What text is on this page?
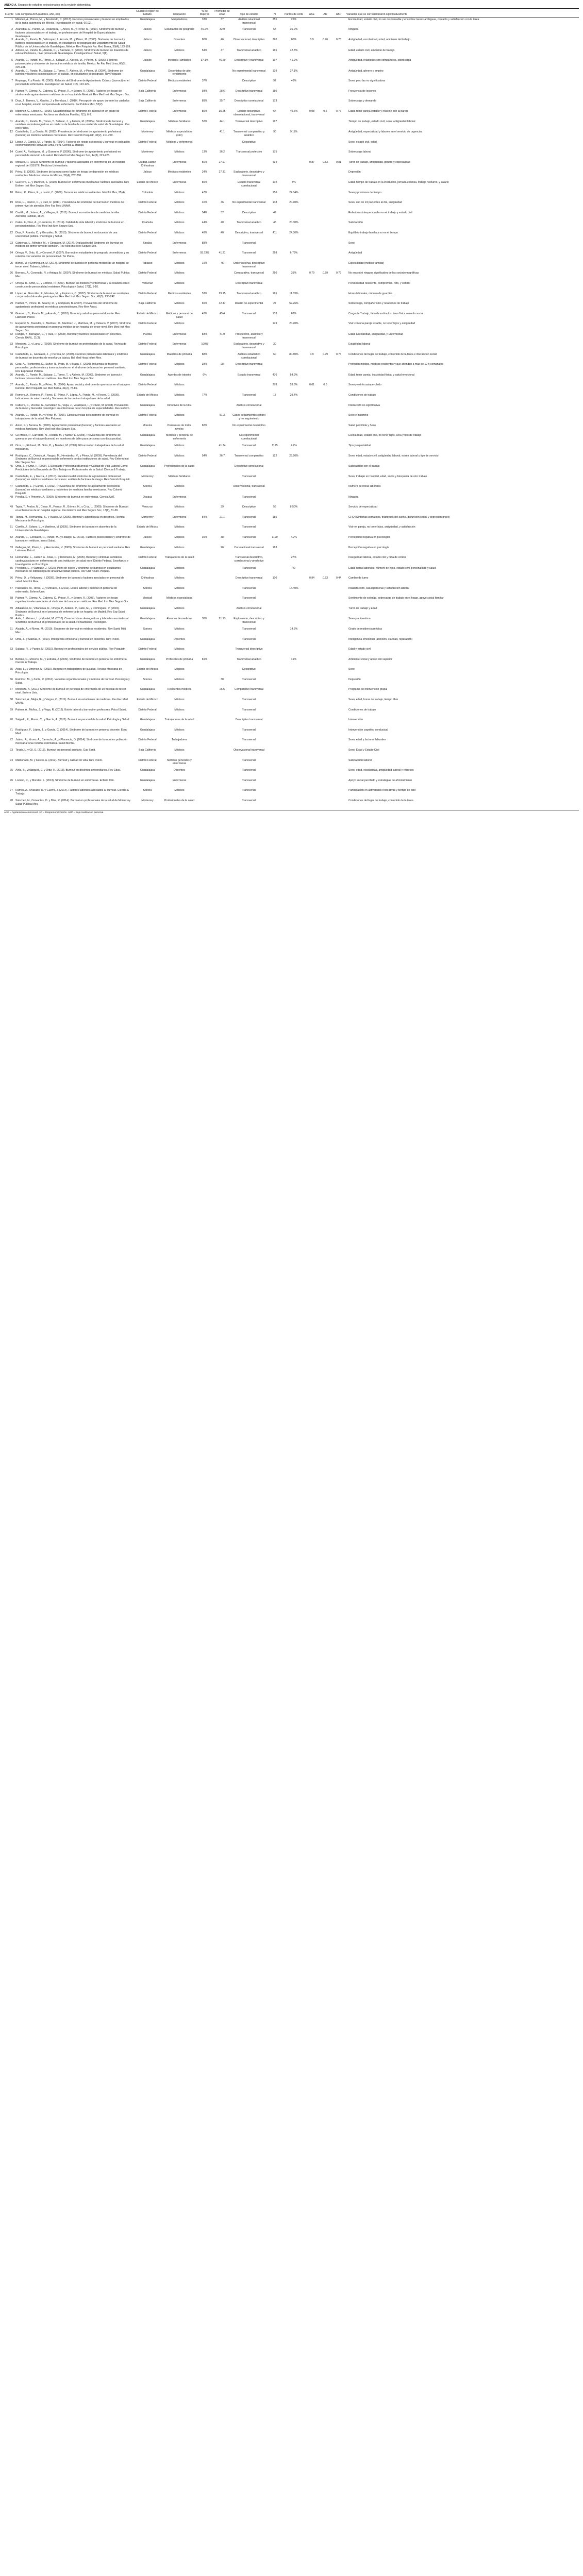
ANEXO A. Sinopsis de estudios seleccionados en la revisión sistemática
Fuente	Cita completa APA (autores, año, etc)	Ciudad o región de Estado	Ocupación	% de Mujeres	Promedio de edad	Tipo de estudio	N	Puntos de corte	AAE	AD	ABP	Variables que se correlacionaron significativamente
1	Méndez, A., Ponce, M., y Arredondo, C. (2013). Factores psicosociales y burnout en empleados de la rama automotriz de México. Investigación en salud, 6(102).	Guadalajara	Maquiladores	33%	37	Análisis relacional transversal	255	26%				Escolaridad, estado civil, no ser responsable y encontrar tareas ambiguas, contacto y satisfacción con la tarea
2	Arancibia, C., Pando, M., Velázquez, I., Arceo, M., y Pérez, M. (2010). Síndrome de burnout y factores psicosociales en el trabajo, en profesionales del Hospital de Especialidades Guadalajara.	Jalisco	Estudiantes de posgrado	46.2%	32.9	Transversal	64	36.9%				Ninguna
3	Aranda, C., Pando, M., Velázquez, I., Acosta, M., y Pérez, M. (2003). Síndrome de burnout y factores psicosociales en el trabajo, en estudiantes de posgrado del Departamento de Salud Pública de la Universidad de Guadalajara, México. Rev Psiquiatr Fac Med Barna, 30(4), 193-199.	Jalisco	Docentes	80%	46	Observacional, descriptivo	220	80%	0.9	0.76	0.76	Antigüedad, escolaridad, edad, ambiente del trabajo
4	Aldrete, M., Pando, M., Aranda, C., y Balcázar, N. (2003). Síndrome de burnout en maestros de educación básica, nivel primaria de Guadalajara. Investigación en Salud, 5(1).	Jalisco	Médicos	54%	47	Transversal analítico	165	42.3%				Edad, estado civil, ambiente de trabajo
5	Aranda, C., Pando, M., Torres, J., Salazar, J., Aldrete, M., y Pérez, B. (2005). Factores psicosociales y síndrome de burnout en médicos de familia, México. An Fac Med Lima, 66(3), 225-231.	Jalisco	Médicos Familiares	37.1%	46.29	Descriptivo y transversal	197	41.9%				Antigüedad, relaciones con compañeros, sobrecarga
6	Aranda, C., Pando, M., Salazar, J., Torres, T., Aldrete, M., y Pérez, M. (2004). Síndrome de burnout y factores psicosociales en el trabajo, en estudiantes de posgrado. Rev Psiquiatr.	Guadalajara	Deportistas de alto rendimiento			No experimental transversal	139	37.1%				Antigüedad, género y empleo
7	Reynaga, P. y Pando, M. (2005). Relación del Síndrome de Agotamiento Crónico (burnout) en el personal de enfermería. Investigación en Salud, 7(2), 123-129.	Distrito Federal	Médicos residentes	37%		Descriptivo	92	46%				Sexo, pero las no significativas
8	Palmer, Y., Gómez, A., Cabrera, C., Prince, R., y Searcy, R. (2005). Factores de riesgo del síndrome de agotamiento en médicos de un hospital de Mexicali. Rev Med Inst Mex Seguro Soc.	Baja California	Enfermeras	93%	28.6	Descriptivo transversal	150					Frecuencia de lesiones
9	Díaz, J., Barrera, V., Gaviria, J. y Mendoza, I. (2010). Percepción de apoyo durante los cuidados en el hospital, estudio comparativo de enfermería. Sal Publica Mex, 52(2).	Baja California	Enfermeras	89%	35.7	Descriptivo correlacional	173					Sobrecarga y demanda
10	Martínez, C., López, G. (2005). Características del síndrome de burnout en un grupo de enfermeras mexicanas. Archivos en Medicina Familiar, 7(1), 6-9.	Distrito Federal	Enfermeras	89%	35.25	Estudio descriptivo, observacional, transversal	64	40.6%	0.98	0.6	0.77	Edad, tener pareja estable y relación con la pareja
11	Aranda, C., Pando, M., Torres, T., Salazar, J., y Aldrete, M. (2005a). Síndrome de burnout y variables sociodemográficas en médicos de familia de una unidad de salud de Guadalajara. Rev Mex Psicol.	Guadalajara	Médicos familiares	52%	44.1	Transversal descriptivo	197					Tiempo de trabajo, estado civil, sexo, antigüedad laboral
12	Castañeda, J., y García, M. (2012). Prevalencia del síndrome de agotamiento profesional (burnout) en médicos familiares mexicanos. Rev Colomb Psiquiatr, 40(2), 210-220.	Monterrey	Médicos especialistas (460)		41.1	Transversal comparativo y analítico	90	9.11%				Antigüedad, especialidad y labores en el servicio de urgencias
13	López, J., García, M., y Pando, M. (2014). Factores de riesgo psicosocial y burnout en población económicamente activa de Lima, Perú. Ciencia & Trabajo.	Distrito Federal	Médicos y enfermeras			Descriptivo						Sexo, estado civil, edad
14	Curiel, A., Rodríguez, M., y Guerrero, F. (2006). Síndrome de agotamiento profesional en personal de atención a la salud. Rev Med Inst Mex Seguro Soc, 44(3), 221-226.	Monterrey	Médicos	13%	36.2	Transversal prolectivo	175					Sobrecarga laboral
15	Morales, R. (2013). Síndrome de burnout y factores asociados en enfermeras de un hospital regional del ISSSTE. Medicina Universitaria.	Ciudad Juárez, Chihuahua	Enfermeras	50%	27.97		434		0.87	0.53	0.81	Turno de trabajo, antigüedad, género y especialidad
16	Pérez, E. (2006). Síndrome de burnout como factor de riesgo de depresión en médicos residentes. Medicina Interna de México, 22(4), 282-286.	Jalisco	Médicos residentes	24%	27.31	Exploratorio, descriptivo y transversal						Depresión
17	Guerrero, E., y Martínez, S. (2010). Burnout en enfermeras mexicanas: factores asociados. Rev Enferm Inst Mex Seguro Soc.	Estado de México	Enfermeras	86%		Estudio transversal correlacional	102	8%				Edad, tiempo de trabajo en la institución, jornada extensa, trabajo nocturno, y salario
18	Pérez, R., Pérez, E., y Lastiri, C. (2009). Burnout en médicos residentes. Med Int Mex, 25(4).	Colombia	Médicos	47%			156	24.04%				Sexo y presiones de tiempo
19	Ríos, H., Franco, C., y Ruiz, R. (2011). Prevalencia del síndrome de burnout en médicos del primer nivel de atención. Rev Fac Med UNAM.	Distrito Federal	Médicos	40%	46	No experimental transversal	148	20.90%				Sexo, uso de 24 pacientes al día, antigüedad
20	Castillo, M., Juárez, A., y Villegas, E. (2011). Burnout en residentes de medicina familiar. Atención Familiar, 18(2).	Distrito Federal	Médicos	54%	37	Descriptivo	49					Relaciones interpersonales en el trabajo y estado civil
21	Caleo, F., Díaz, A., y Landeros, C. (2014). Calidad de vida laboral y síndrome de burnout en personal médico. Rev Med Inst Mex Seguro Soc.	Coahuila	Médicos	44%	40	Transversal analítico	45	20.30%				Satisfacción
22	Díaz, F., Aranda, C., y González, M. (2010). Síndrome de burnout en docentes de una universidad pública. Psicología y Salud.	Distrito Federal	Médicos	48%	40	Descriptivo, transversal	411	24.30%				Equilibrio trabajo familia y no en el tiempo
23	Cárdenas, L., Méndez, M., y González, M. (2014). Evaluación del Síndrome de Burnout en médicos de primer nivel de atención. Rev Med Inst Mex Seguro Soc.	Sinaloa	Enfermeras	88%		Transversal						Sexo
24	Ortega, V., Ortiz, G., y Coronel, P. (2007). Burnout en estudiantes de pregrado de medicina y su relación con variables de personalidad. Ter Psicol.	Distrito Federal	Enfermeras	93.73%	41.21	Transversal	268	6.79%				Antigüedad
25	Bórtoli, M. y Domínguez, M. (2017). Síndrome de burnout en personal médico de un hospital de tercer nivel. Tabasco, México.	Tabasco	Médicos	19%	45	Observacional, descriptivo transversal						Especialidad (médico familiar)
26	Borracci, A., Coronado, R. y Arriaga, M. (2007). Síndrome de burnout en médicos. Salud Publica Mex.	Distrito Federal	Médicos			Comparativo, transversal	250	35%	0.79	0.59	0.79	No encontró ninguna significativa de las sociodemográficas
27	Ortega, R., Ortiz, G., y Coronel, P. (2007). Burnout en médicos y enfermeras y su relación con el constructo de personalidad resistente. Psicología y Salud, 17(1), 5-16.	Veracruz	Médicos			Descriptivo transversal						Personalidad resistente, compromiso, reto, y control
28	López, A., González, F., Morales, M., y Espinoza, C. (2007). Síndrome de burnout en residentes con jornadas laborales prolongadas. Rev Med Inst Mex Seguro Soc, 45(3), 233-242.	Distrito Federal	Médicos residentes	53%	29.15	Transversal analítico	165	11.83%				Horas laborales, número de guardias
29	Palmer, Y., Prince, R., Searcy, R., y Compeán, B. (2007). Prevalencia del síndrome de agotamiento profesional en médicos anestesiólogos. Rev Mex Anest.	Baja California	Médicos	65%	42.47	Diseño no experimental	27	59.26%				Sobrecarga, compañerismo y relaciones de trabajo
30	Guerrero, D., Pando, M., y Aranda, C. (2010). Burnout y salud en personal docente. Rev Latinoam Psicol.	Estado de México	Médicos y personal de salud	42%	45.4	Transversal	133	62%				Cargo de Trabajo, falta de estímulos, área física o medio social
31	Esquivel, S., Buendía, F., Martínez, O., Martínez, J., Martínez, M., y Velasco, V. (2007). Síndrome de agotamiento profesional en personal médico de un hospital de tercer nivel. Rev Med Inst Mex Seguro Soc.	Distrito Federal	Médicos				149	20.20%				Vivir con una pareja estable, no tener hijos y antigüedad
32	Rangel, Y., Barragán, C., y Ruiz, R. (2008). Burnout y factores psicosociales en docentes. Ciencia UANL, 11(3).	Puebla	Enfermeras	83%	41.9	Prospectivo, analítico y transversal						Edad, Escolaridad, antigüedad, y Enfermedad
33	Mendoza, J., y Luna, J. (2008). Síndrome de burnout en profesionales de la salud. Revista de Psicología.	Distrito Federal	Enfermeras	100%		Exploratorio, descriptivo y transversal	30					Estabilidad laboral
34	Castañeda, E., González, J., y Pereda, M. (2008). Factores psicosociales laborales y síndrome de burnout en docentes de enseñanza básica. Bol Med Hosp Infant Mex.	Guadalajara	Maestros de primaria	88%		Análisis estadístico correlacional	60	80.80%	0.9	0.79	0.76	Condiciones del lugar de trabajo, contenido de la tarea e interacción social
35	Grau, A., Flichtentrei, D., Suñer, R., Prats, M. y Braga, F. (2009). Influencia de factores personales, profesionales y transnacionales en el síndrome de burnout en personal sanitario. Rev Esp Salud Pública.	Distrito Federal	Médicos	38%	28	Descriptivo transversal						Profesión médico, médicos residentes y que atienden a más de 12 h semanales
36	Aranda, C., Pando, M., Salazar, J., Torres, T., y Aldrete, M. (2009). Síndrome de burnout y factores psicosociales en médicos. Rev Med Inst Mex Seguro Soc.	Guadalajara	Agentes de tránsito	6%		Estudio transversal	470	54.9%				Edad, tener pareja, inactividad física, y salud emocional
37	Aranda, C., Pando, M., y Pérez, M. (2004). Apoyo social y síndrome de quemarse en el trabajo o burnout. Rev Psiquiatr Fac Med Barna, 31(2), 78-85.	Distrito Federal	Médicos				278	28.3%	0.61	0.6		Sexo y estrés autopercibido
38	Romero, A., Romero, P., Flores, E., Pérez, P., López, A., Pando, M., y Reyes, G. (2009). Indicadores de salud mental y Síndrome de burnout en trabajadores de la salud.	Estado de México	Médicos	77%		Transversal	17	29.4%				Condiciones de trabajo
39	Cabrera, C., Vicente, G., González, G., Vega, J., Velázquez, I., y Olivier, M. (2008). Prevalencia de burnout y bienestar psicológico en enfermeras de un hospital de especialidades. Rev Enferm.	Guadalajara	Directivos de la CFE			Análisis correlacional						Interacción no significativa
40	Aranda, C., Pando, M., y Pérez, M. (2006). Consecuencias del síndrome de burnout en trabajadores de la salud. Rev Psiquiatr.	Distrito Federal	Médicos		51.3	Casos seguimientos control y no seguimiento						Sexo e insomnio
41	Aston, F. y Barrera, M. (2009). Agotamiento profesional (burnout) y factores asociados en médicos familiares. Rev Med Inst Mex Seguro Soc.	Morelos	Profesores de todos niveles	82%		No experimental descriptivo						Salud percibida y Sexo
42	Gil-Monte, P., Carretero, N., Roldán, M. y Núñez, E. (2005). Prevalencia del síndrome de quemarse por el trabajo (burnout) en monitores de taller para personas con discapacidad.	Guadalajara	Médicos y personal de enfermería			No experimental correlacional						Escolaridad, estado civil, no tener hijos, área y tipo de trabajo
43	Oros, L., Richaud, M., Soto, P., y Benítez, M. (2009). El burnout en trabajadores de la salud mexicanos.	Guadalajara	Médicos		41.74	Transversal	1125	4.2%				Tipo y especialidad
44	Rodríguez, C., Oviedo, A., Vargas, M., Hernández, V., y Pérez, M. (2009). Prevalencia del Síndrome de Burnout en personal de enfermería de dos instituciones de salud. Rev Enferm Inst Mex Seguro Soc.	Distrito Federal	Médicos	54%	26.7	Transversal comparativo	122	23.20%				Sexo, edad, estado civil, antigüedad laboral, estrés laboral y tipo de servicio
45	Ortiz, J., y Ortiz, H. (2009). El Desgaste Profesional (Burnout) y Calidad de Vida Laboral Como Predictores de la Búsqueda de Otro Trabajo en Profesionales de la Salud. Ciencia & Trabajo.	Guadalajara	Profesionales de la salud			Descriptivo correlacional						Satisfacción con el trabajo
46	Castañeda, E., y García, J. (2010). Prevalencia del síndrome de agotamiento profesional (burnout) en médicos familiares mexicanos: análisis de factores de riesgo. Rev Colomb Psiquiatr.	Monterrey	Médicos familiares			Transversal						Sexo, trabajar en hospital, edad, sobre y búsqueda de otro trabajo
47	Castañeda, E. y García, J. (2012). Prevalencia del síndrome de agotamiento profesional (burnout) en médicos familiares y residentes de medicina familiar mexicanos. Rev Colomb Psiquiatr.	Sonora	Médicos			Observacional, transversal						Número de horas laborales
48	Peralta, E. y Pimentel, A. (2009). Síndrome de burnout en enfermeras. Ciencia UAT.	Oaxaca	Enfermeras			Transversal						Ninguna
49	Tapia, T., Avalos, M., Cesar, R., Franco, R., Gómez, H., y Cruz, L. (2009). Síndrome de Burnout en enfermeras de un hospital regional. Rev Enferm Inst Mex Seguro Soc, 17(1), 31-38.	Veracruz	Médicos		39	Descriptivo	56	8.50%				Servicio de especialidad
50	Tamez, M., Hernández, S., y Ávalos, M. (2009). Burnout y autoeficacia en docentes. Revista Mexicana de Psicología.	Monterrey	Enfermeros	84%	21.1	Transversal	185					GHQ (Síntomas somáticos, trastornos del sueño, disfunción social y depresión grave)
51	Carrillo, J., Solano, L., y Martínez, M. (2005). Síndrome de burnout en docentes de la Universidad de Guadalajara.	Estado de México	Médicos			Transversal						Vivir en pareja, no tener hijos, antigüedad, y satisfacción
52	Aranda, C., González, R., Pando, M., y Hidalgo, G. (2013). Factores psicosociales y síndrome de burnout en médicos. Invest Salud.	Jalisco	Médicos	36%	38	Transversal	1190	4.2%				Percepción negativa en psicológico
53	Gallegos, M., Prieto, L., y Hernández, V. (2009). Síndrome de burnout en personal sanitario. Rev Latinoam Psicol.	Guadalajara	Médicos		26	Correlacional transversal	163					Percepción negativa en psicología
54	Hernández, L., Juárez, A., Arias, F., y Dickinson, M. (2005). Burnout y síntomas somáticos cardiovasculares en enfermeras de una institución de salud en el Distrito Federal. Enseñanza e Investigación en Psicología.	Distrito Federal	Trabajadores de la salud			Transversal descriptivo, correlacional y predictivo		27%				Inseguridad laboral, estado civil y falta de control
55	Preciado, L., y Vázquez, J. (2010). Perfil de estrés y síndrome de burnout en estudiantes mexicanos de odontología de una universidad pública. Rev Chil Neuro-Psiquiat.	Guadalajara	Médicos			Transversal		40				Edad, horas laborales, número de hijos, estado civil, personalidad y salud
56	Pérez, D., y Velázquez, I. (2009). Síndrome de burnout y factores asociados en personal de salud. Med Int Mex.	Chihuahua	Médicos			Descriptivo transversal	100		0.94	0.53	0.44	Cambio de turno
57	Pascuales, M., Rivas, J., y Morales, J. (2011). Estrés laboral y burnout en personal de enfermería. Enferm Univ.	Sonora	Médicos			Transversal		14.40%				Insatisfacción, salud personal y satisfacción laboral
58	Palmer, Y., Gómez, A., Cabrera, C., Prince, R., y Searcy, R. (2005). Factores de riesgo organizacionales asociados al síndrome de burnout en médicos. Rev Med Inst Mex Seguro Soc.	Mexicali	Médicos especialistas			Transversal						Sentimiento de soledad, sobrecarga de trabajo en el hogar, apoyo social familiar
59	Albaladejo, R., Villanueva, R., Ortega, P., Astasio, P., Calle, M., y Domínguez, V. (2004). Síndrome de Burnout en el personal de enfermería de un hospital de Madrid. Rev Esp Salud Publica.	Guadalajara	Médicos			Análisis correlacional						Turno de trabajo y Edad
60	Ávila, J., Gómez, L. y Montiel, M. (2010). Características demográficas y laborales asociadas al Síndrome de Burnout en profesionales de la salud. Pensamiento Psicológico.	Guadalajara	Alumnos de medicina	38%	21.13	Exploratorio, descriptivo y transversal						Sexo y autoestima
61	Alcalde, A., y Rivera, M. (2010). Síndrome de burnout en médicos residentes. Rev Sanid Milit Mex.	Sonora	Médicos			Transversal		14.2%				Grado de residencia médica
62	Ortiz, J., y Salinas, B. (2010). Inteligencia emocional y burnout en docentes. Rev Psicol.	Guadalajara	Docentes			Transversal						Inteligencia emocional (atención, claridad, reparación)
63	Salazar, R., y Pando, M. (2010). Burnout en profesionales del servicio público. Rev Psiquiatr.	Distrito Federal	Médicos			Transversal descriptivo						Edad y estado civil
64	Beltrán, C., Moreno, M., y Estrada, J. (2009). Síndrome de burnout en personal de enfermería. Ciencia & Trabajo.	Guadalajara	Profesores de primaria	81%		Transversal analítico		41%				Ambiente social y apoyo del superior
65	Arias, L., y Jiménez, M. (2010). Burnout en trabajadores de la salud. Revista Mexicana de Psicología.	Estado de México	Médicos			Descriptivo						Sexo
66	Ramírez, M., y Zurita, R. (2010). Variables organizacionales y síndrome de burnout. Psicología y Salud.	Sonora	Médicos		38	Transversal						Depresión
67	Mendoza, A. (2011). Síndrome de burnout en personal de enfermería de un hospital de tercer nivel. Enferm Univ.	Guadalajara	Residentes médicos		26.5	Comparativo transversal						Programa de intervención grupal
68	Sánchez, A., Mejía, R., y Vargas, C. (2011). Burnout en estudiantes de medicina. Rev Fac Med UNAM.	Estado de México	Médicos			Transversal						Sexo, edad, horas de trabajo, tiempo libre
69	Palmer, A., Muñoz, J., y Vega, R. (2012). Estrés laboral y burnout en profesores. Psicol Salud.	Distrito Federal	Médicos			Transversal						Condiciones de trabajo
70	Salgado, R., Flores, C., y García, A. (2011). Burnout en personal de la salud. Psicología y Salud.	Guadalajara	Trabajadores de la salud			Descriptivo transversal						Intervención
71	Rodríguez, F., López, J., y García, C. (2014). Síndrome de burnout en personal docente. Educ Med.	Guadalajara	Médicos			Transversal						Intervención cognitivo conductual
72	Juárez, A., Idrovo, A., Camacho, A., y Placencia, O. (2014). Síndrome de burnout en población mexicana: una revisión sistemática. Salud Mental.	Distrito Federal	Trabajadores			Transversal						Sexo, edad y factores laborales
73	Tirado, L. y Gil, S. (2013). Burnout en personal sanitario. Gac Sanit.	Baja California	Médicos			Observacional transversal						Sexo, Edad y Estado Civil
74	Maldonado, M. y Castro, A. (2012). Burnout y calidad de vida. Rev Psicol.	Distrito Federal	Médicos generales y enfermeras			Transversal						Satisfacción laboral
75	Ávila, S., Velázquez, E. y Ortiz, H. (2013). Burnout en docentes universitarios. Rev Educ.	Guadalajara	Docentes			Transversal						Sexo, edad, escolaridad, antigüedad laboral y recursos
76	Lozano, R., y Morales, L. (2013). Síndrome de burnout en enfermeras. Enferm Clin.	Guadalajara	Enfermeras			Transversal						Apoyo social percibido y estrategias de afrontamiento
77	Ramos, A., Alvarado, R. y Guerra, J. (2014). Factores laborales asociados al burnout. Ciencia & Trabajo.	Sonora	Médicos			Transversal						Participación en actividades recreativas y tiempo de ocio
78	Sánchez, N., Cervantes, O. y Díaz, R. (2014). Burnout en profesionales de la salud de Monterrey. Salud Pública Mex.	Monterrey	Profesionales de la salud			Transversal						Condiciones del lugar de trabajo, contenido de la tarea
AAE = Agotamiento emocional. AD = Despersonalización. ABP = Baja realización personal.
